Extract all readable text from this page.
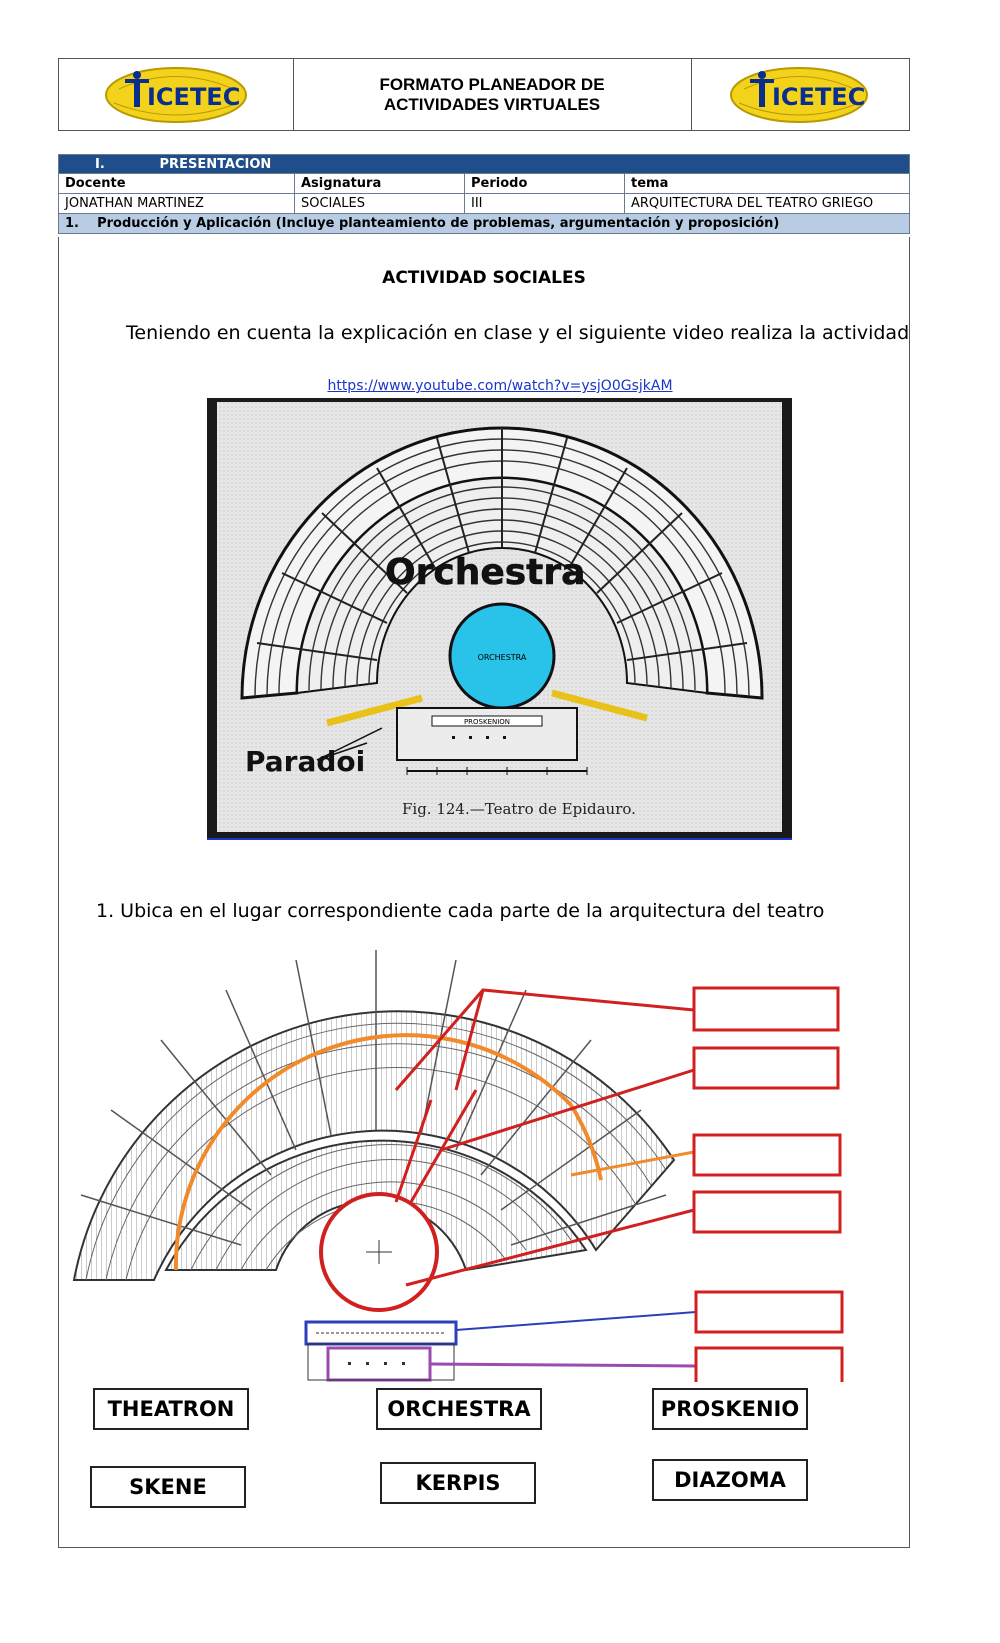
ICETEC	FORMATO PLANEADOR DE ACTIVIDADES VIRTUALES	ICETEC
I. PRESENTACION			
Docente	Asignatura	Periodo	tema
JONATHAN MARTINEZ	SOCIALES	III	ARQUITECTURA DEL TEATRO GRIEGO
1.    Producción y Aplicación (Incluye planteamiento de problemas, argumentación y proposición)			
ACTIVIDAD SOCIALES
Teniendo en cuenta la explicación en clase y el siguiente video realiza la actividad
https://www.youtube.com/watch?v=ysjO0GsjkAM
ORCHESTRA
PROSKENION
Orchestra
Paradoi
Fig. 124.—Teatro de Epidauro.
1. Ubica en el lugar correspondiente cada parte de la arquitectura del teatro
THEATRON	ORCHESTRA	PROSKENIO
SKENE	KERPIS	DIAZOMA
